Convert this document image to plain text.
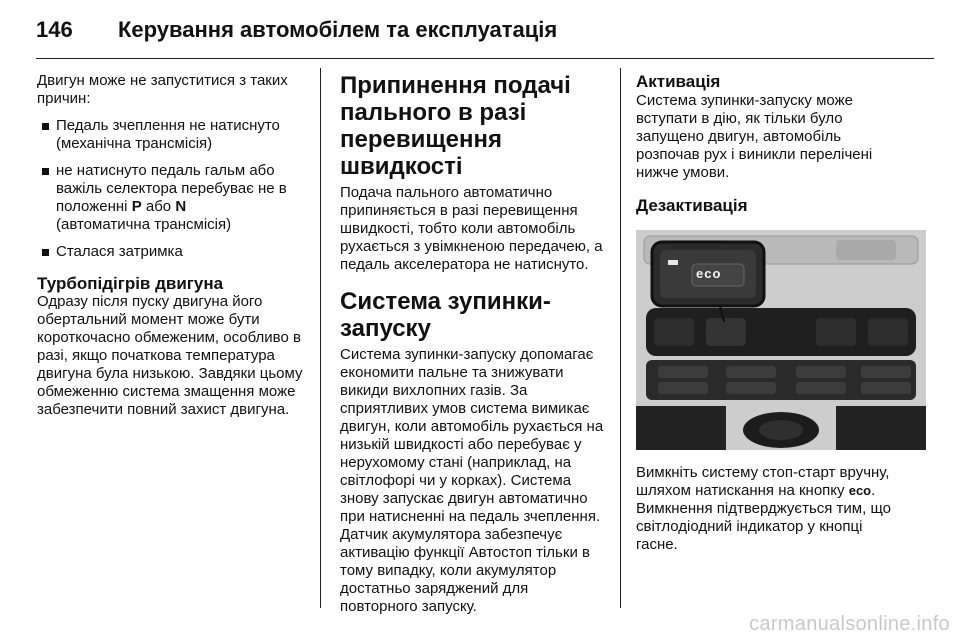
146 Керування автомобілем та експлуатація

Двигун може не запуститися з таких причин:

Педаль зчеплення не натиснуто (механічна трансмісія)
не натиснуто педаль гальм або важіль селектора перебуває не в положенні P або N
(автоматична трансмісія)
Сталася затримка
Турбопідігрів двигуна

Одразу після пуску двигуна його обертальний момент може бути короткочасно обмеженим, особливо в разі, якщо початкова температура двигуна була низькою. Завдяки цьому обмеженню система змащення може забезпечити повний захист двигуна.

Припинення подачі пального в разі перевищення швидкості

Подача пального автоматично припиняється в разі перевищення швидкості, тобто коли автомобіль рухається з увімкненою передачею, а педаль акселератора не натиснуто.

Система зупинки-запуску

Система зупинки-запуску допомагає економити пальне та знижувати викиди вихлопних газів. За сприятливих умов система вимикає двигун, коли автомобіль рухається на низькій швидкості або перебуває у нерухомому стані (наприклад, на світлофорі чи у корках). Система знову запускає двигун автоматично при натисненні на педаль зчеплення.

Датчик акумулятора забезпечує активацію функції Автостоп тільки в тому випадку, коли акумулятор достатньо заряджений для повторного запуску.

Активація

Система зупинки-запуску може вступати в дію, як тільки було запущено двигун, автомобіль розпочав рух і виникли перелічені нижче умови.

Дезактивація
eco

Вимкніть систему стоп-старт вручну, шляхом натискання на кнопку eco. Вимкнення підтверджується тим, що світлодіодний індикатор у кнопці гасне.

carmanualsonline.info
